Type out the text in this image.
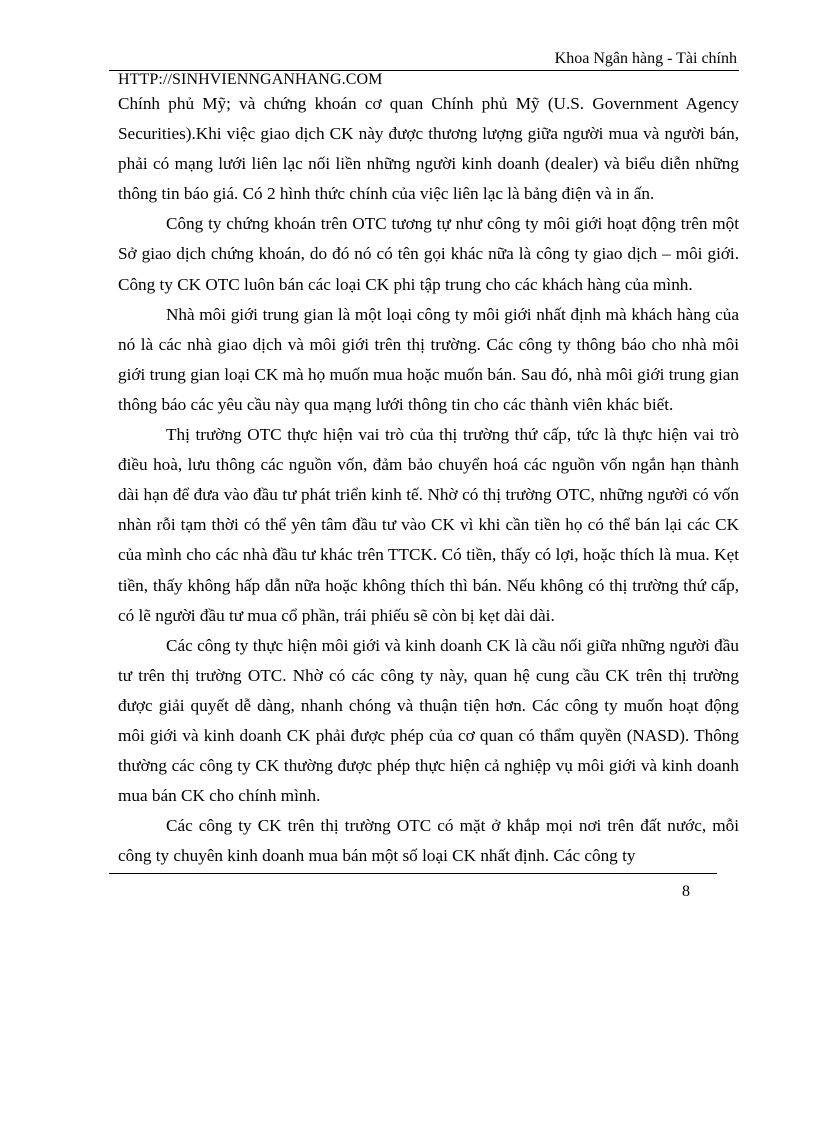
Khoa Ngân hàng - Tài chính
HTTP://SINHVIENNGANHANG.COM

Chính phủ Mỹ; và chứng khoán cơ quan Chính phủ Mỹ (U.S. Government Agency Securities).Khi việc giao dịch CK này được thương lượng giữa người mua và người bán, phải có mạng lưới liên lạc nối liền những người kinh doanh (dealer) và biểu diễn những thông tin báo giá. Có 2 hình thức chính của việc liên lạc là bảng điện và in ấn.

Công ty chứng khoán trên OTC tương tự như công ty môi giới hoạt động trên một Sở giao dịch chứng khoán, do đó nó có tên gọi khác nữa là công ty giao dịch – môi giới. Công ty CK OTC luôn bán các loại CK phi tập trung cho các khách hàng của mình.

Nhà môi giới trung gian là một loại công ty môi giới nhất định mà khách hàng của nó là các nhà giao dịch và môi giới trên thị trường. Các công ty thông báo cho nhà môi giới trung gian loại CK mà họ muốn mua hoặc muốn bán. Sau đó, nhà môi giới trung gian thông báo các yêu cầu này qua mạng lưới thông tin cho các thành viên khác biết.

Thị trường OTC thực hiện vai trò của thị trường thứ cấp, tức là thực hiện vai trò điều hoà, lưu thông các nguồn vốn, đảm bảo chuyển hoá các nguồn vốn ngắn hạn thành dài hạn để đưa vào đầu tư phát triển kinh tế. Nhờ có thị trường OTC, những người có vốn nhàn rỗi tạm thời có thể yên tâm đầu tư vào CK vì khi cần tiền họ có thể bán lại các CK của mình cho các nhà đầu tư khác trên TTCK. Có tiền, thấy có lợi, hoặc thích là mua. Kẹt tiền, thấy không hấp dẫn nữa hoặc không thích thì bán. Nếu không có thị trường thứ cấp, có lẽ người đầu tư mua cổ phần, trái phiếu sẽ còn bị kẹt dài dài.

Các công ty thực hiện môi giới và kinh doanh CK là cầu nối giữa những người đầu tư trên thị trường OTC. Nhờ có các công ty này, quan hệ cung cầu CK trên thị trường được giải quyết dễ dàng, nhanh chóng và thuận tiện hơn. Các công ty muốn hoạt động môi giới và kinh doanh CK phải được phép của cơ quan có thẩm quyền (NASD). Thông thường các công ty CK thường được phép thực hiện cả nghiệp vụ môi giới và kinh doanh mua bán CK cho chính mình.

Các công ty CK trên thị trường OTC có mặt ở khắp mọi nơi trên đất nước, mỗi công ty chuyên kinh doanh mua bán một số loại CK nhất định. Các công ty

8
